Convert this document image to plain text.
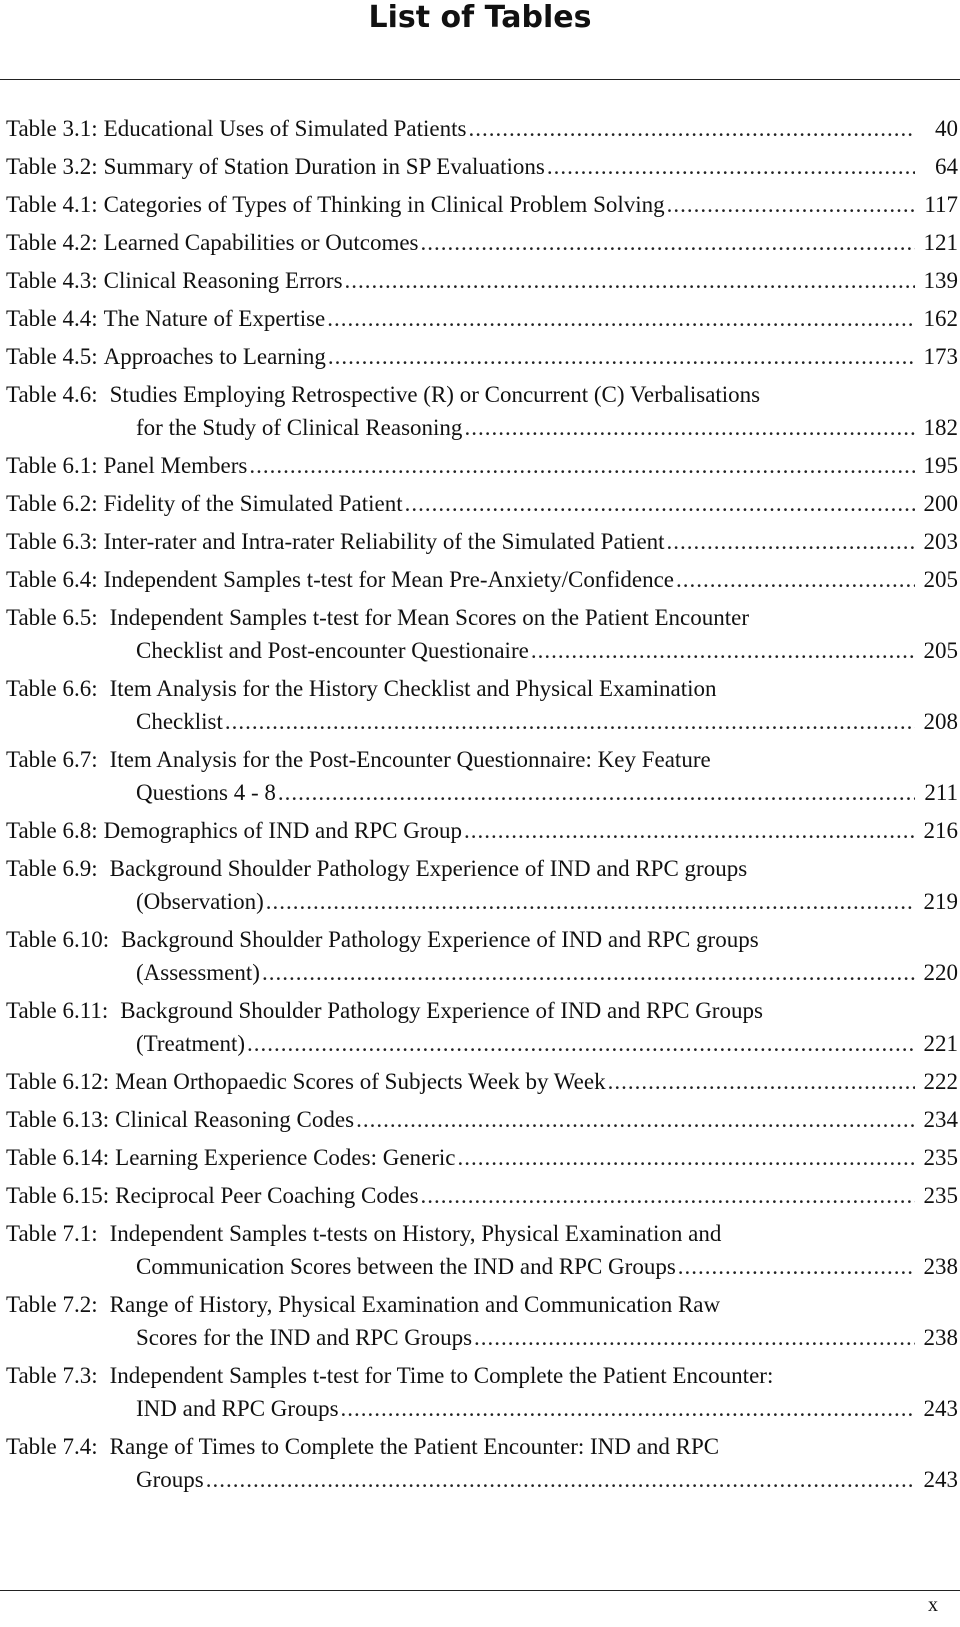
List of Tables
Table 3.1: Educational Uses of Simulated Patients .....	40
Table 3.2: Summary of Station Duration in SP Evaluations .....	64
Table 4.1: Categories of Types of Thinking in Clinical Problem Solving .....	117
Table 4.2: Learned Capabilities or Outcomes .....	121
Table 4.3: Clinical Reasoning Errors .....	139
Table 4.4: The Nature of Expertise .....	162
Table 4.5: Approaches to Learning .....	173
Table 4.6: Studies Employing Retrospective (R) or Concurrent (C) Verbalisations
for the Study of Clinical Reasoning .....	182
Table 6.1: Panel Members .....	195
Table 6.2: Fidelity of the Simulated Patient .....	200
Table 6.3: Inter-rater and Intra-rater Reliability of the Simulated Patient .....	203
Table 6.4: Independent Samples t-test for Mean Pre-Anxiety/Confidence .....	205
Table 6.5: Independent Samples t-test for Mean Scores on the Patient Encounter
Checklist and Post-encounter Questionaire .....	205
Table 6.6: Item Analysis for the History Checklist and Physical Examination
Checklist .....	208
Table 6.7: Item Analysis for the Post-Encounter Questionnaire: Key Feature
Questions 4 - 8 .....	211
Table 6.8: Demographics of IND and RPC Group .....	216
Table 6.9: Background Shoulder Pathology Experience of IND and RPC groups
(Observation) .....	219
Table 6.10: Background Shoulder Pathology Experience of IND and RPC groups
(Assessment) .....	220
Table 6.11: Background Shoulder Pathology Experience of IND and RPC Groups
(Treatment) .....	221
Table 6.12: Mean Orthopaedic Scores of Subjects Week by Week .....	222
Table 6.13: Clinical Reasoning Codes .....	234
Table 6.14: Learning Experience Codes: Generic .....	235
Table 6.15: Reciprocal Peer Coaching Codes .....	235
Table 7.1: Independent Samples t-tests on History, Physical Examination and
Communication Scores between the IND and RPC Groups .....	238
Table 7.2: Range of History, Physical Examination and Communication Raw
Scores for the IND and RPC Groups .....	238
Table 7.3: Independent Samples t-test for Time to Complete the Patient Encounter:
IND and RPC Groups .....	243
Table 7.4: Range of Times to Complete the Patient Encounter: IND and RPC
Groups .....	243
x
